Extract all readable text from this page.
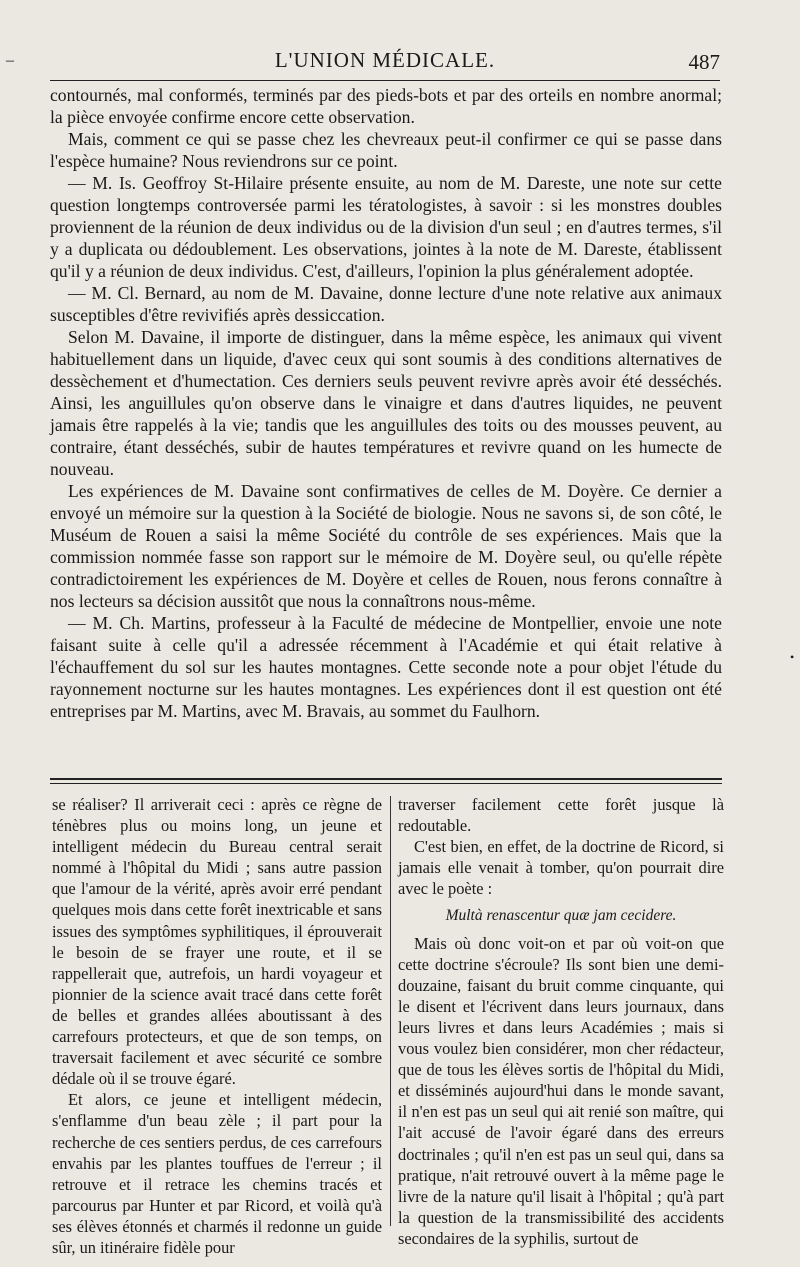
–
•
L'UNION MÉDICALE.	487

contournés, mal conformés, terminés par des pieds-bots et par des orteils en nombre anormal; la pièce envoyée confirme encore cette observation.

Mais, comment ce qui se passe chez les chevreaux peut-il confirmer ce qui se passe dans l'espèce humaine? Nous reviendrons sur ce point.

— M. Is. Geoffroy St-Hilaire présente ensuite, au nom de M. Dareste, une note sur cette question longtemps controversée parmi les tératologistes, à savoir : si les monstres doubles proviennent de la réunion de deux individus ou de la division d'un seul ; en d'autres termes, s'il y a duplicata ou dédoublement. Les observations, jointes à la note de M. Dareste, établissent qu'il y a réunion de deux individus. C'est, d'ailleurs, l'opinion la plus généralement adoptée.

— M. Cl. Bernard, au nom de M. Davaine, donne lecture d'une note relative aux animaux susceptibles d'être revivifiés après dessiccation.

Selon M. Davaine, il importe de distinguer, dans la même espèce, les animaux qui vivent habituellement dans un liquide, d'avec ceux qui sont soumis à des conditions alternatives de dessèchement et d'humectation. Ces derniers seuls peuvent revivre après avoir été desséchés. Ainsi, les anguillules qu'on observe dans le vinaigre et dans d'autres liquides, ne peuvent jamais être rappelés à la vie; tandis que les anguillules des toits ou des mousses peuvent, au contraire, étant desséchés, subir de hautes températures et revivre quand on les humecte de nouveau.

Les expériences de M. Davaine sont confirmatives de celles de M. Doyère. Ce dernier a envoyé un mémoire sur la question à la Société de biologie. Nous ne savons si, de son côté, le Muséum de Rouen a saisi la même Société du contrôle de ses expériences. Mais que la commission nommée fasse son rapport sur le mémoire de M. Doyère seul, ou qu'elle répète contradictoirement les expériences de M. Doyère et celles de Rouen, nous ferons connaître à nos lecteurs sa décision aussitôt que nous la connaîtrons nous-même.

— M. Ch. Martins, professeur à la Faculté de médecine de Montpellier, envoie une note faisant suite à celle qu'il a adressée récemment à l'Académie et qui était relative à l'échauffement du sol sur les hautes montagnes. Cette seconde note a pour objet l'étude du rayonnement nocturne sur les hautes montagnes. Les expériences dont il est question ont été entreprises par M. Martins, avec M. Bravais, au sommet du Faulhorn.

se réaliser? Il arriverait ceci : après ce règne de ténèbres plus ou moins long, un jeune et intelligent médecin du Bureau central serait nommé à l'hôpital du Midi ; sans autre passion que l'amour de la vérité, après avoir erré pendant quelques mois dans cette forêt inextricable et sans issues des symptômes syphilitiques, il éprouverait le besoin de se frayer une route, et il se rappellerait que, autrefois, un hardi voyageur et pionnier de la science avait tracé dans cette forêt de belles et grandes allées aboutissant à des carrefours protecteurs, et que de son temps, on traversait facilement et avec sécurité ce sombre dédale où il se trouve égaré.

Et alors, ce jeune et intelligent médecin, s'enflamme d'un beau zèle ; il part pour la recherche de ces sentiers perdus, de ces carrefours envahis par les plantes touffues de l'erreur ; il retrouve et il retrace les chemins tracés et parcourus par Hunter et par Ricord, et voilà qu'à ses élèves étonnés et charmés il redonne un guide sûr, un itinéraire fidèle pour

traverser facilement cette forêt jusque là redoutable.

C'est bien, en effet, de la doctrine de Ricord, si jamais elle venait à tomber, qu'on pourrait dire avec le poète :

Multà renascentur quæ jam cecidere.

Mais où donc voit-on et par où voit-on que cette doctrine s'écroule? Ils sont bien une demi-douzaine, faisant du bruit comme cinquante, qui le disent et l'écrivent dans leurs journaux, dans leurs livres et dans leurs Académies ; mais si vous voulez bien considérer, mon cher rédacteur, que de tous les élèves sortis de l'hôpital du Midi, et disséminés aujourd'hui dans le monde savant, il n'en est pas un seul qui ait renié son maître, qui l'ait accusé de l'avoir égaré dans des erreurs doctrinales ; qu'il n'en est pas un seul qui, dans sa pratique, n'ait retrouvé ouvert à la même page le livre de la nature qu'il lisait à l'hôpital ; qu'à part la question de la transmissibilité des accidents secondaires de la syphilis, surtout de
